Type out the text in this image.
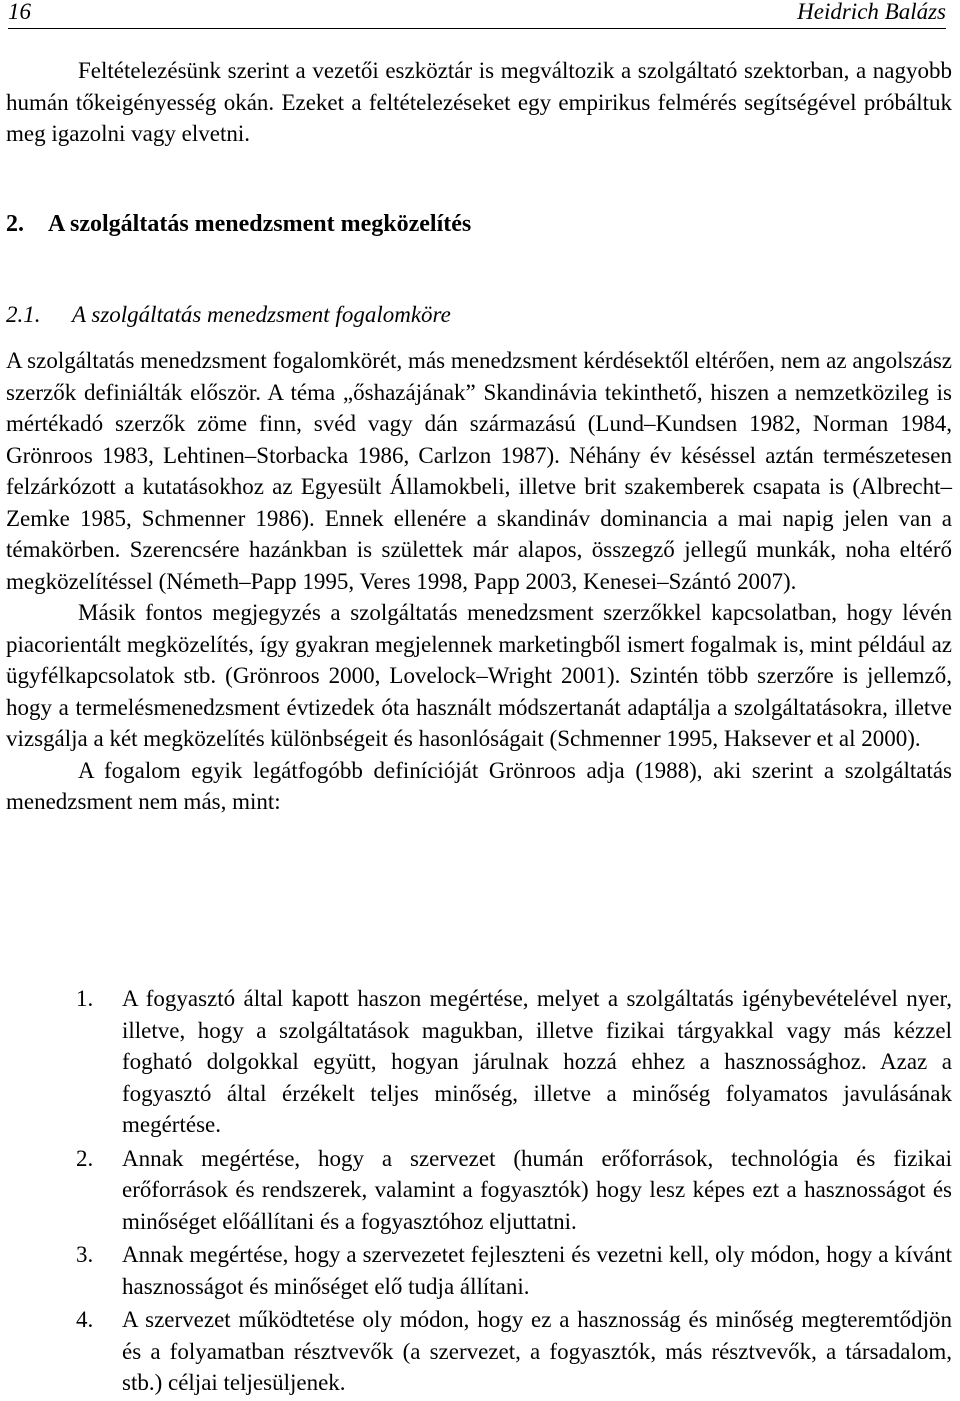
16	Heidrich Balázs

Feltételezésünk szerint a vezetői eszköztár is megváltozik a szolgáltató szektorban, a nagyobb humán tőkeigényesség okán. Ezeket a feltételezéseket egy empirikus felmérés segítségével próbáltuk meg igazolni vagy elvetni.

2. A szolgáltatás menedzsment megközelítés
2.1. A szolgáltatás menedzsment fogalomköre

A szolgáltatás menedzsment fogalomkörét, más menedzsment kérdésektől eltérően, nem az angolszász szerzők definiálták először. A téma „őshazájának” Skandinávia tekinthető, hiszen a nemzetközileg is mértékadó szerzők zöme finn, svéd vagy dán származású (Lund–Kundsen 1982, Norman 1984, Grönroos 1983, Lehtinen–Storbacka 1986, Carlzon 1987). Néhány év késéssel aztán természetesen felzárkózott a kutatásokhoz az Egyesült Államokbeli, illetve brit szakemberek csapata is (Albrecht–Zemke 1985, Schmenner 1986). Ennek ellenére a skandináv dominancia a mai napig jelen van a témakörben. Szerencsére hazánkban is születtek már alapos, összegző jellegű munkák, noha eltérő megközelítéssel (Németh–Papp 1995, Veres 1998, Papp 2003, Kenesei–Szántó 2007).

Másik fontos megjegyzés a szolgáltatás menedzsment szerzőkkel kapcsolatban, hogy lévén piacorientált megközelítés, így gyakran megjelennek marketingből ismert fogalmak is, mint például az ügyfélkapcsolatok stb. (Grönroos 2000, Lovelock–Wright 2001). Szintén több szerzőre is jellemző, hogy a termelésmenedzsment évtizedek óta használt módszertanát adaptálja a szolgáltatásokra, illetve vizsgálja a két megközelítés különbségeit és hasonlóságait (Schmenner 1995, Haksever et al 2000).

A fogalom egyik legátfogóbb definícióját Grönroos adja (1988), aki szerint a szolgáltatás menedzsment nem más, mint:

1. A fogyasztó által kapott haszon megértése, melyet a szolgáltatás igénybevételével nyer, illetve, hogy a szolgáltatások magukban, illetve fizikai tárgyakkal vagy más kézzel fogható dolgokkal együtt, hogyan járulnak hozzá ehhez a hasznossághoz. Azaz a fogyasztó által érzékelt teljes minőség, illetve a minőség folyamatos javulásának megértése.
2. Annak megértése, hogy a szervezet (humán erőforrások, technológia és fizikai erőforrások és rendszerek, valamint a fogyasztók) hogy lesz képes ezt a hasznosságot és minőséget előállítani és a fogyasztóhoz eljuttatni.
3. Annak megértése, hogy a szervezetet fejleszteni és vezetni kell, oly módon, hogy a kívánt hasznosságot és minőséget elő tudja állítani.
4. A szervezet működtetése oly módon, hogy ez a hasznosság és minőség megteremtődjön és a folyamatban résztvevők (a szervezet, a fogyasztók, más résztvevők, a társadalom, stb.) céljai teljesüljenek.
